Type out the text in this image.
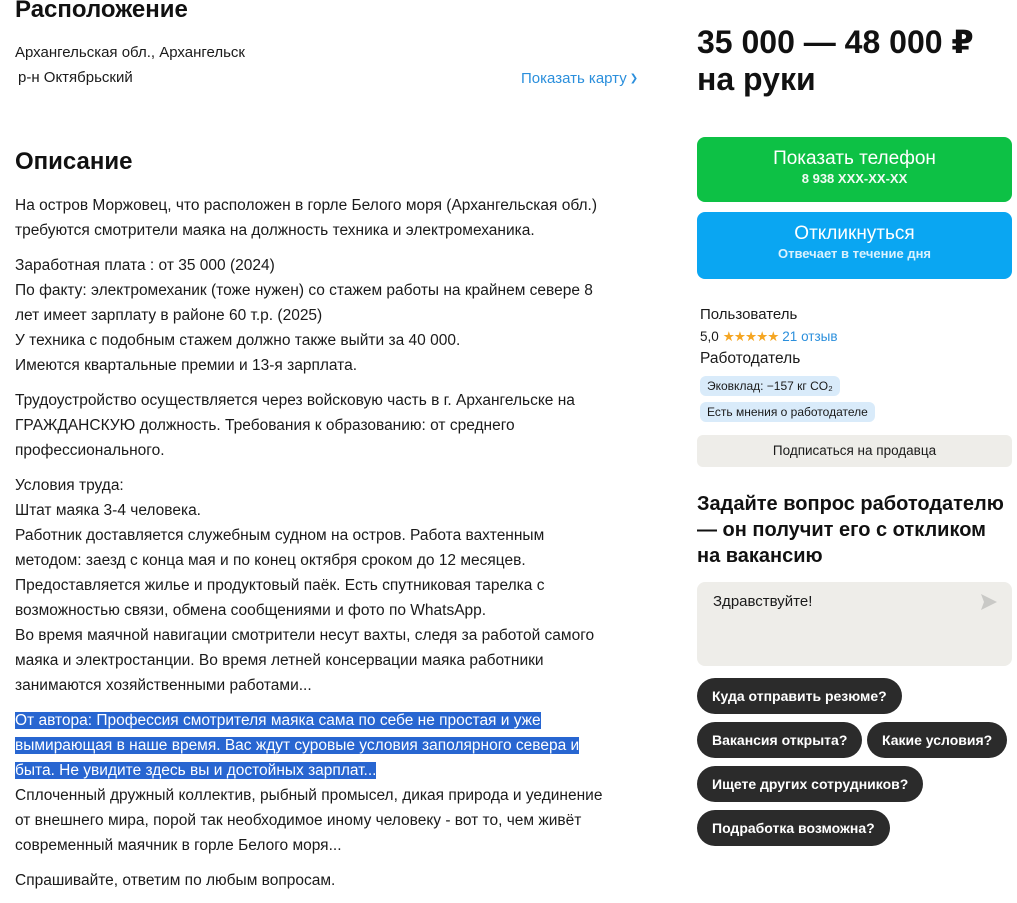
Расположение
Архангельская обл., Архангельск
р-н Октябрьский	Показать карту ❯
Описание

На остров Моржовец, что расположен в горле Белого моря (Архангельская обл.)
требуются смотрители маяка на должность техника и электромеханика.

Заработная плата : от 35 000 (2024)
По факту: электромеханик (тоже нужен) со стажем работы на крайнем севере 8
лет имеет зарплату в районе 60 т.р. (2025)
У техника с подобным стажем должно также выйти за 40 000.
Имеются квартальные премии и 13-я зарплата.

Трудоустройство осуществляется через войсковую часть в г. Архангельске на
ГРАЖДАНСКУЮ должность. Требования к образованию: от среднего
профессионального.

Условия труда:
Штат маяка 3-4 человека.
Работник доставляется служебным судном на остров. Работа вахтенным
методом: заезд с конца мая и по конец октября сроком до 12 месяцев.
Предоставляется жилье и продуктовый паёк. Есть спутниковая тарелка с
возможностью связи, обмена сообщениями и фото по WhatsApp.
Во время маячной навигации смотрители несут вахты, следя за работой самого
маяка и электростанции. Во время летней консервации маяка работники
занимаются хозяйственными работами...

От автора: Профессия смотрителя маяка сама по себе не простая и уже
вымирающая в наше время. Вас ждут суровые условия заполярного севера и
быта. Не увидите здесь вы и достойных зарплат...
Сплоченный дружный коллектив, рыбный промысел, дикая природа и уединение
от внешнего мира, порой так необходимое иному человеку - вот то, чем живёт
современный маячник в горле Белого моря...

Спрашивайте, ответим по любым вопросам.

35 000 — 48 000 ₽
на руки
Показать телефон
8 938 XXX-XX-XX
Откликнуться
Отвечает в течение дня
Пользователь
5,0 ★★★★★ 21 отзыв
Работодатель
Эковклад: −157 кг CO₂
Есть мнения о работодателе
Подписаться на продавца
Задайте вопрос работодателю — он получит его с откликом на вакансию
Здравствуйте!
Куда отправить резюме?
Вакансия открыта?	Какие условия?
Ищете других сотрудников?
Подработка возможна?
